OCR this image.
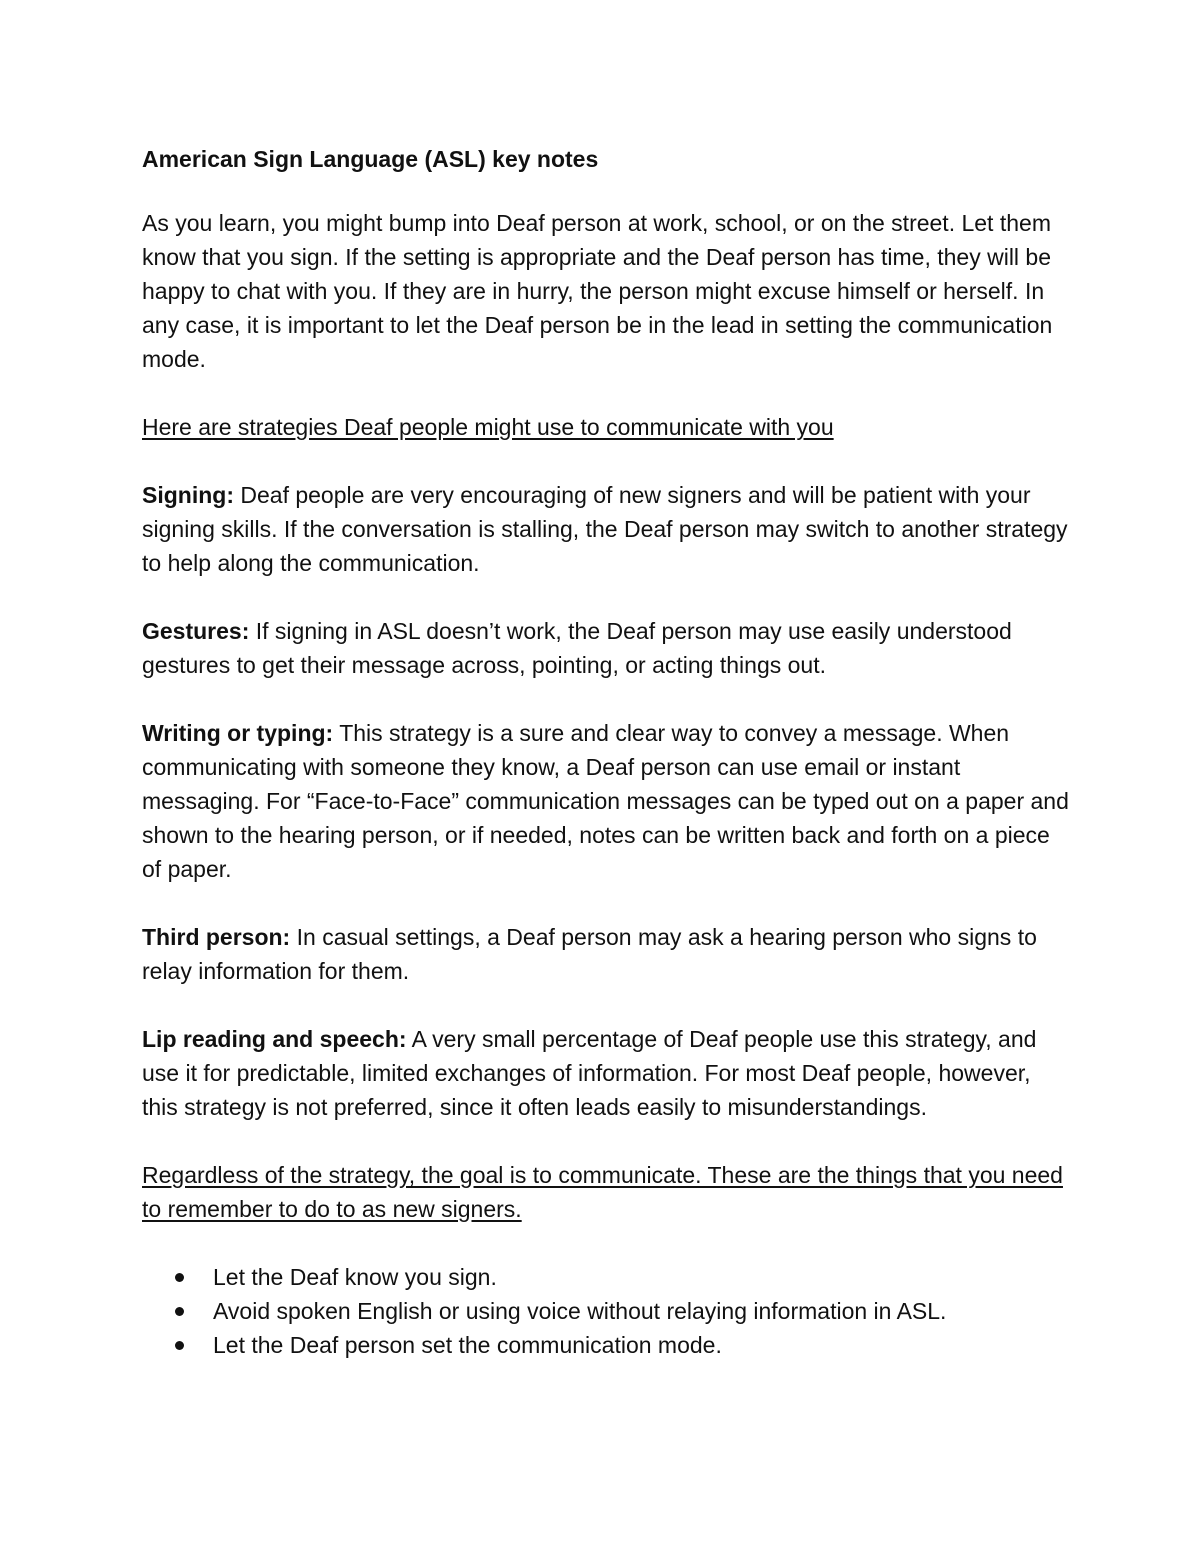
American Sign Language (ASL) key notes

As you learn, you might bump into Deaf person at work, school, or on the street. Let them know that you sign. If the setting is appropriate and the Deaf person has time, they will be happy to chat with you. If they are in hurry, the person might excuse himself or herself. In any case, it is important to let the Deaf person be in the lead in setting the communication mode.

Here are strategies Deaf people might use to communicate with you

Signing: Deaf people are very encouraging of new signers and will be patient with your signing skills. If the conversation is stalling, the Deaf person may switch to another strategy to help along the communication.

Gestures: If signing in ASL doesn’t work, the Deaf person may use easily understood gestures to get their message across, pointing, or acting things out.

Writing or typing: This strategy is a sure and clear way to convey a message. When communicating with someone they know, a Deaf person can use email or instant messaging. For “Face-to-Face” communication messages can be typed out on a paper and shown to the hearing person, or if needed, notes can be written back and forth on a piece of paper.

Third person: In casual settings, a Deaf person may ask a hearing person who signs to relay information for them.

Lip reading and speech: A very small percentage of Deaf people use this strategy, and use it for predictable, limited exchanges of information. For most Deaf people, however, this strategy is not preferred, since it often leads easily to misunderstandings.

Regardless of the strategy, the goal is to communicate. These are the things that you need to remember to do to as new signers.

Let the Deaf know you sign.
Avoid spoken English or using voice without relaying information in ASL.
Let the Deaf person set the communication mode.
